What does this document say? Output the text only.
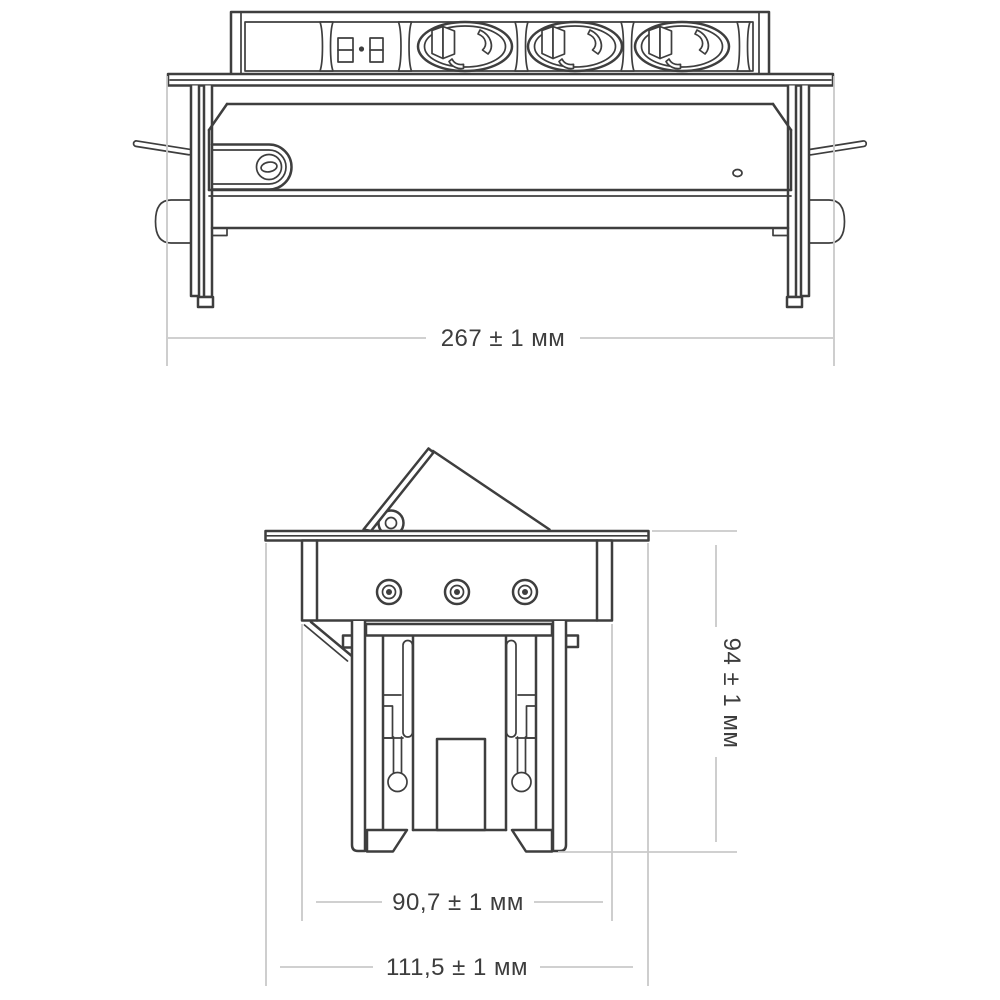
267 ± 1 мм
111,5 ± 1 мм
90,7 ± 1 мм
94 ± 1 мм
